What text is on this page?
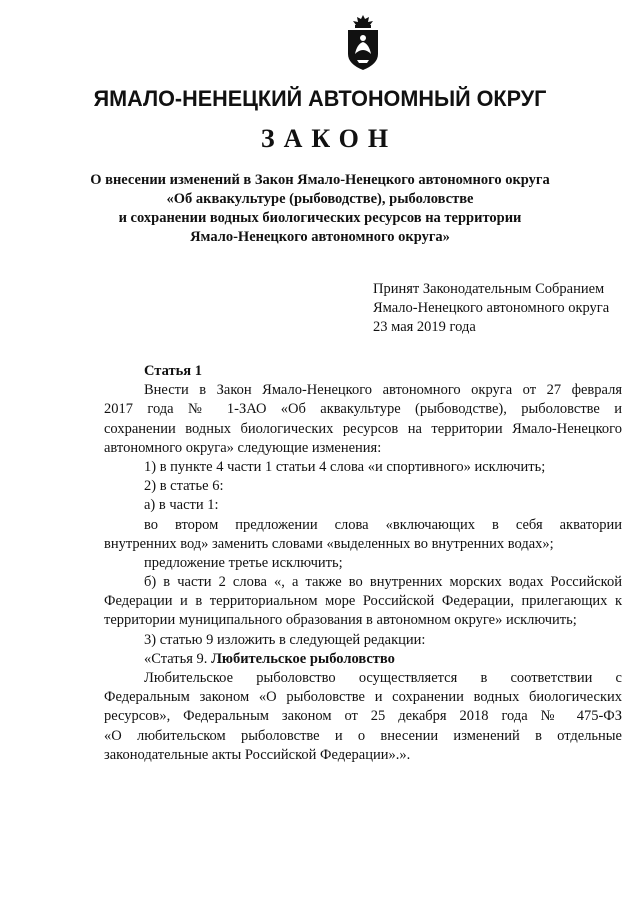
ЯМАЛО-НЕНЕЦКИЙ АВТОНОМНЫЙ ОКРУГ
ЗАКОН
О внесении изменений в Закон Ямало-Ненецкого автономного округа
«Об аквакультуре (рыбоводстве), рыболовстве
и сохранении водных биологических ресурсов на территории
Ямало-Ненецкого автономного округа»
Принят Законодательным Собранием
Ямало-Ненецкого автономного округа
23 мая 2019 года
Статья 1
Внести в Закон Ямало-Ненецкого автономного округа от 27 февраля
2017 года № 1-ЗАО «Об аквакультуре (рыбоводстве), рыболовстве и
сохранении водных биологических ресурсов на территории Ямало-Ненецкого
автономного округа» следующие изменения:
1) в пункте 4 части 1 статьи 4 слова «и спортивного» исключить;
2) в статье 6:
а) в части 1:
во втором предложении слова «включающих в себя акватории
внутренних вод» заменить словами «выделенных во внутренних водах»;
предложение третье исключить;
б) в части 2 слова «, а также во внутренних морских водах Российской
Федерации и в территориальном море Российской Федерации, прилегающих к
территории муниципального образования в автономном округе» исключить;
3) статью 9 изложить в следующей редакции:
«Статья 9. Любительское рыболовство
Любительское рыболовство осуществляется в соответствии с
Федеральным законом «О рыболовстве и сохранении водных биологических
ресурсов», Федеральным законом от 25 декабря 2018 года № 475-ФЗ
«О любительском рыболовстве и о внесении изменений в отдельные
законодательные акты Российской Федерации».».
